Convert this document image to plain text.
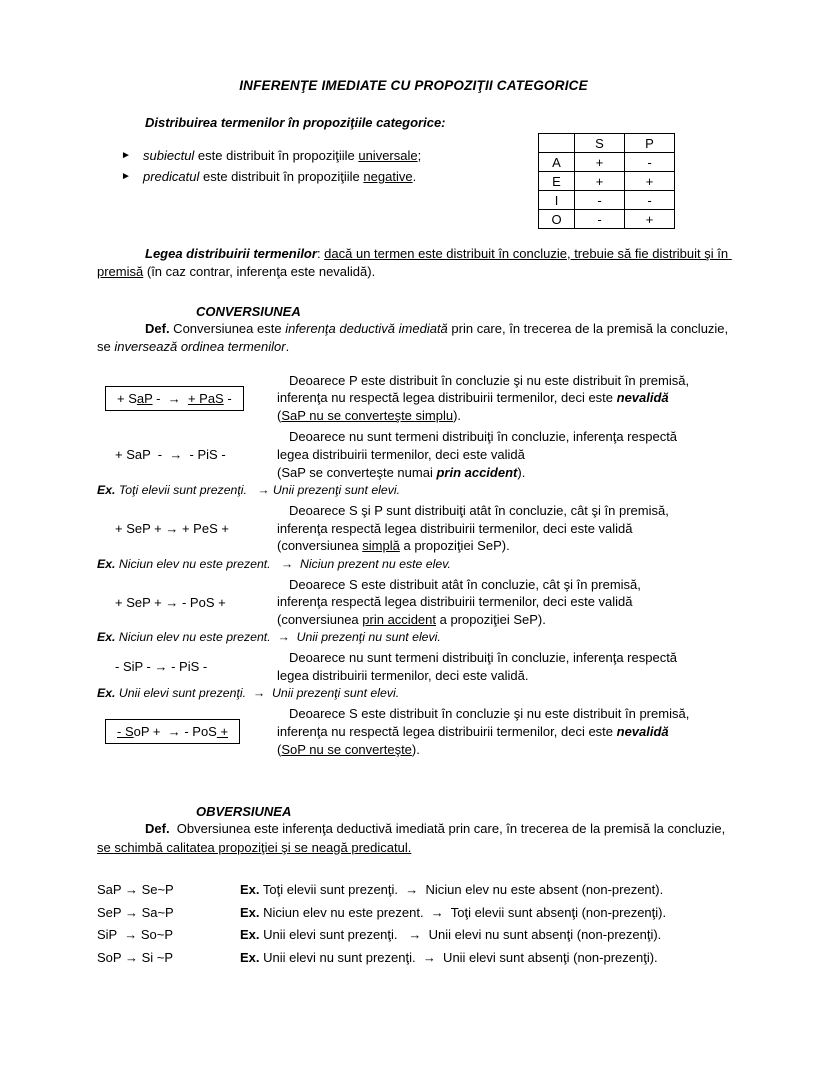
INFERENŢE IMEDIATE CU PROPOZIŢII CATEGORICE
Distribuirea termenilor în propoziţiile categorice:
► subiectul este distribuit în propoziţiile universale;
► predicatul este distribuit în propoziţiile negative.
	S	P
A	+	-
E	+	+
I	-	-
O	-	+

Legea distribuirii termenilor: dacă un termen este distribuit în concluzie, trebuie să fie distribuit şi în premisă (în caz contrar, inferenţa este nevalidă).

CONVERSIUNEA

Def. Conversiunea este inferenţa deductivă imediată prin care, în trecerea de la premisă la concluzie, se inversează ordinea termenilor.

+ SaP -  → + PaS -
Deoarece P este distribuit în concluzie şi nu este distribuit în premisă,
inferenţa nu respectă legea distribuirii termenilor, deci este nevalidă
(SaP nu se converteşte simplu).
+ SaP  -  →  - PiS -
Deoarece nu sunt termeni distribuiţi în concluzie, inferenţa respectă
legea distribuirii termenilor, deci este validă
(SaP se converteşte numai prin accident).
Ex. Toţi elevii sunt prezenţi.   → Unii prezenţi sunt elevi.
+ SeP + → + PeS +
Deoarece S şi P sunt distribuiţi atât în concluzie, cât şi în premisă,
inferenţa respectă legea distribuirii termenilor, deci este validă
(conversiunea simplă a propoziţiei SeP).
Ex. Niciun elev nu este prezent.   →  Niciun prezent nu este elev.
+ SeP + → - PoS +
Deoarece S este distribuit atât în concluzie, cât şi în premisă,
inferenţa respectă legea distribuirii termenilor, deci este validă
(conversiunea prin accident a propoziţiei SeP).
Ex. Niciun elev nu este prezent.  →  Unii prezenţi nu sunt elevi.
- SiP - → - PiS -
Deoarece nu sunt termeni distribuiţi în concluzie, inferenţa respectă
legea distribuirii termenilor, deci este validă.
Ex. Unii elevi sunt prezenţi.  →  Unii prezenţi sunt elevi.
- SoP +  → - PoS +
Deoarece S este distribuit în concluzie şi nu este distribuit în premisă,
inferenţa nu respectă legea distribuirii termenilor, deci este nevalidă
(SoP nu se converteşte).
OBVERSIUNEA

Def.  Obversiunea este inferenţa deductivă imediată prin care, în trecerea de la premisă la concluzie, se schimbă calitatea propoziţiei şi se neagă predicatul.

SaP → Se~P	Ex. Toţi elevii sunt prezenţi.  →  Niciun elev nu este absent (non-prezent).
SeP → Sa~P	Ex. Niciun elev nu este prezent.  →  Toţi elevii sunt absenţi (non-prezenţi).
SiP  → So~P	Ex. Unii elevi sunt prezenţi.   →  Unii elevi nu sunt absenţi (non-prezenţi).
SoP → Si ~P	Ex. Unii elevi nu sunt prezenţi.  →  Unii elevi sunt absenţi (non-prezenţi).
